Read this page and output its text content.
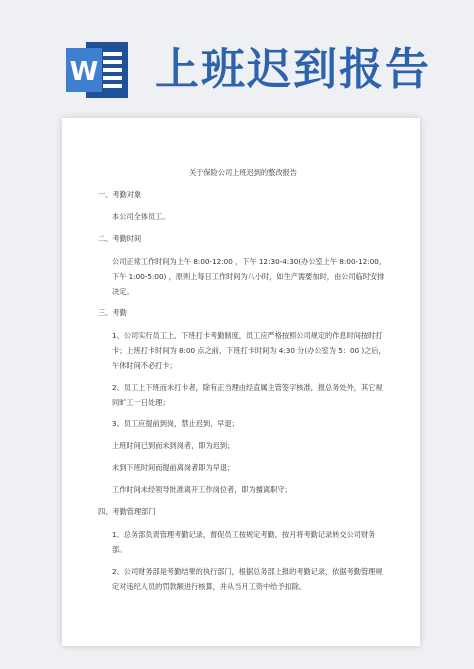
W 上班迟到报告

关于保险公司上班迟到的整改报告

一、考勤对象

本公司全体员工。

二、考勤时间

公司正常工作时间为上午 8:00-12:00 ，下午 12:30-4:30(办公室上午 8:00-12:00,下午 1:00-5:00) ，原则上每日工作时间为八小时，如生产需要加时，由公司临时安排决定。

三、考勤

1、公司实行员工上、下班打卡考勤制度，员工应严格按照公司规定的作息时间按时打卡；上班打卡时间为 8:00 点之前，下班打卡时间为 4:30 分(办公室为 5：00 )之后，午休时间不必打卡；

2、员工上下班而未打卡者，除有正当理由经直属主管签字核准，报总务处外，其它视同旷工一日处理；

3、员工应提前到岗，禁止迟到、早退；

上班时间已到而未到岗者，即为迟到；

未到下班时间而提前离岗者即为早退；

工作时间未经领导批准离开工作岗位者，即为擅离职守；

四、考勤管理部门

1、总务部负责管理考勤记录，督促员工按规定考勤，按月将考勤记录转交公司财务部。

2、公司财务部是考勤结果的执行部门，根据总务部上报的考勤记录，依据考勤管理规定对违纪人员的罚款额进行核算，并从当月工资中给予扣除。
